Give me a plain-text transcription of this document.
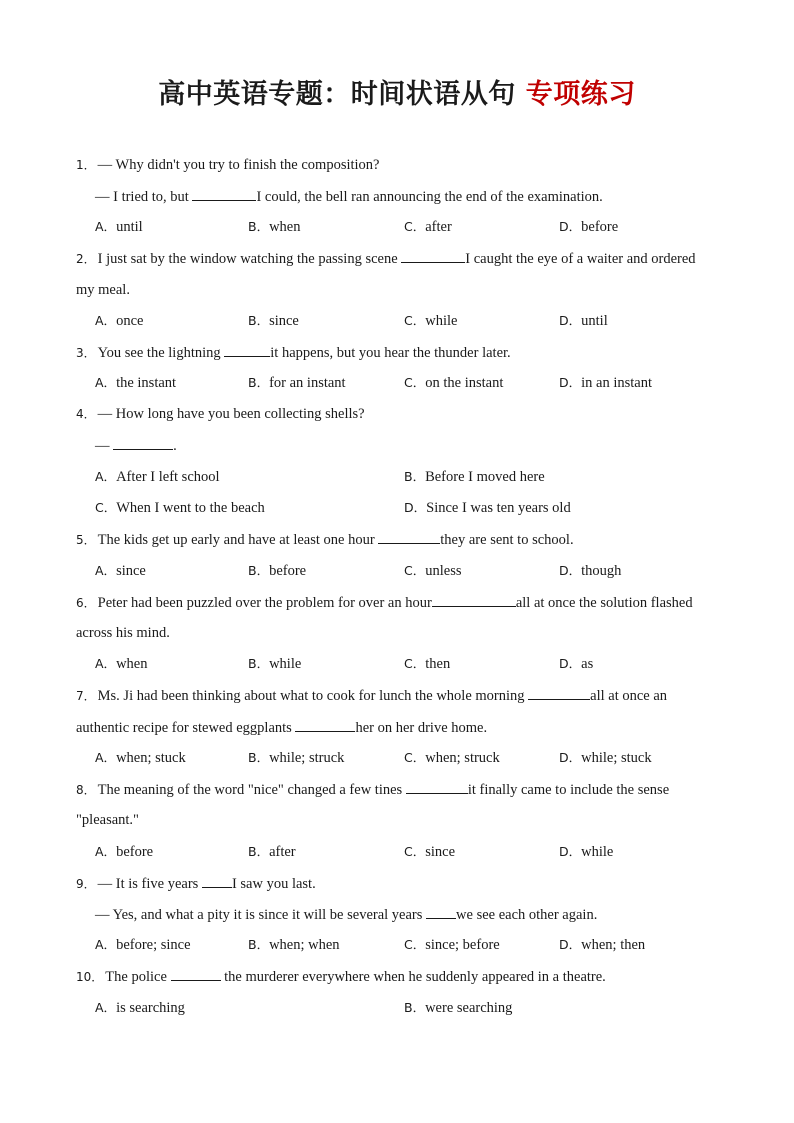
高中英语专题：时间状语从句 专项练习
1． — Why didn't you try to finish the composition?
— I tried to, but	I could, the bell ran announcing the end of the examination.
A．until	B．when	C．after	D．before
2． I just sat by the window watching the passing scene	I caught the eye of a waiter and ordered
my meal.
A．once	B．since	C．while	D．until
3． You see the lightning	it happens, but you hear the thunder later.
A．the instant	B．for an instant	C．on the instant	D．in an instant
4． — How long have you been collecting shells?
—	.
A．After I left school	B．Before I moved here
C．When I went to the beach	D．Since I was ten years old
5． The kids get up early and have at least one hour	they are sent to school.
A．since	B．before	C．unless	D．though
6． Peter had been puzzled over the problem for over an hour	all at once the solution flashed
across his mind.
A．when	B．while	C．then	D．as
7． Ms. Ji had been thinking about what to cook for lunch the whole morning	all at once an
authentic recipe for stewed eggplants	her on her drive home.
A．when; stuck	B．while; struck	C．when; struck	D．while; stuck
8． The meaning of the word "nice" changed a few tines	it finally came to include the sense
"pleasant."
A．before	B．after	C．since	D．while
9． — It is five years I saw you last.
— Yes, and what a pity it is since it will be several years we see each other again.
A．before; since	B．when; when	C．since; before	D．when; then
10． The police	the murderer everywhere when he suddenly appeared in a theatre.
A．is searching	B．were searching
